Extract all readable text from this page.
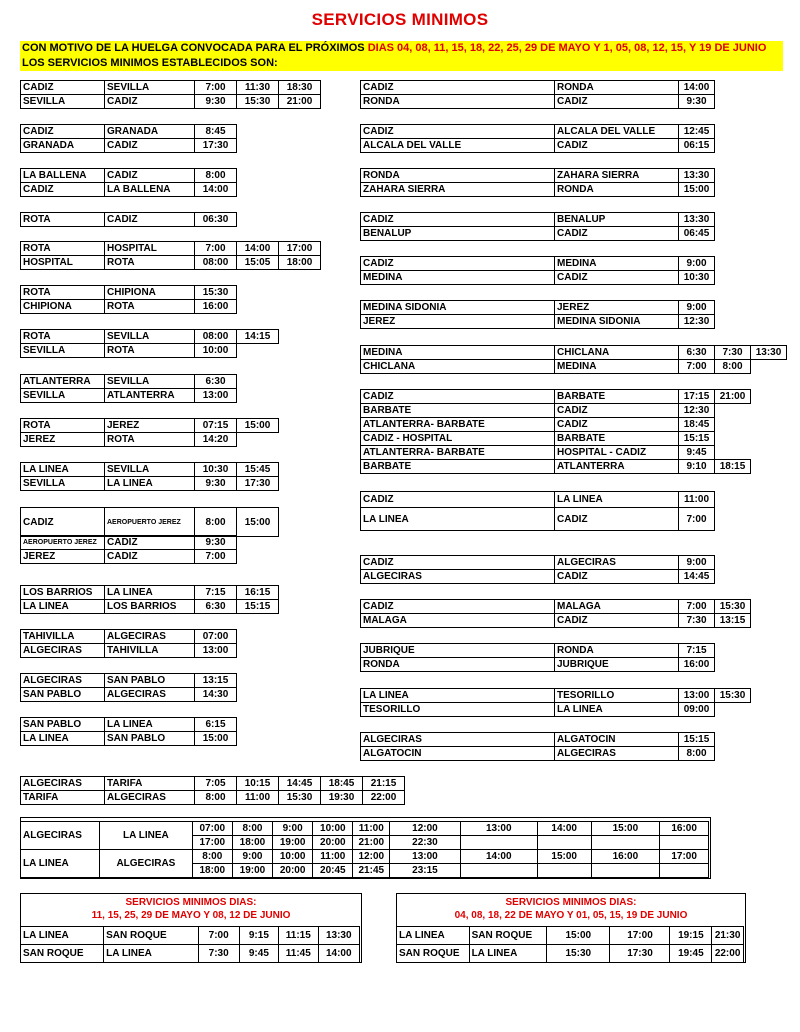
SERVICIOS MINIMOS
CON MOTIVO DE LA HUELGA CONVOCADA PARA EL PRÓXIMOS DIAS 04, 08, 11, 15, 18, 22, 25, 29 DE MAYO Y 1, 05, 08, 12, 15, Y 19 DE JUNIO LOS SERVICIOS MINIMOS ESTABLECIDOS SON:
CADIZ	SEVILLA	7:00	11:30	18:30
SEVILLA	CADIZ	9:30	15:30	21:00
CADIZ	GRANADA	8:45
GRANADA	CADIZ	17:30
LA BALLENA	CADIZ	8:00
CADIZ	LA BALLENA	14:00
ROTA	CADIZ	06:30
ROTA	HOSPITAL	7:00	14:00	17:00
HOSPITAL	ROTA	08:00	15:05	18:00
ROTA	CHIPIONA	15:30
CHIPIONA	ROTA	16:00
ROTA	SEVILLA	08:00	14:15
SEVILLA	ROTA	10:00	
ATLANTERRA	SEVILLA	6:30
SEVILLA	ATLANTERRA	13:00
ROTA	JEREZ	07:15	15:00
JEREZ	ROTA	14:20	
LA LINEA	SEVILLA	10:30	15:45
SEVILLA	LA LINEA	9:30	17:30
CADIZ	AEROPUERTO JEREZ	8:00	15:00
AEROPUERTO JEREZ	CADIZ	9:30
JEREZ	CADIZ	7:00
LOS BARRIOS	LA LINEA	7:15	16:15
LA LINEA	LOS BARRIOS	6:30	15:15
TAHIVILLA	ALGECIRAS	07:00
ALGECIRAS	TAHIVILLA	13:00
ALGECIRAS	SAN PABLO	13:15
SAN PABLO	ALGECIRAS	14:30
SAN PABLO	LA LINEA	6:15
LA LINEA	SAN PABLO	15:00
ALGECIRAS	TARIFA	7:05	10:15	14:45	18:45	21:15
TARIFA	ALGECIRAS	8:00	11:00	15:30	19:30	22:00
CADIZ	RONDA	14:00
RONDA	CADIZ	9:30
CADIZ	ALCALA DEL VALLE	12:45
ALCALA DEL VALLE	CADIZ	06:15
RONDA	ZAHARA SIERRA	13:30
ZAHARA SIERRA	RONDA	15:00
CADIZ	BENALUP	13:30
BENALUP	CADIZ	06:45
CADIZ	MEDINA	9:00
MEDINA	CADIZ	10:30
MEDINA SIDONIA	JEREZ	9:00
JEREZ	MEDINA SIDONIA	12:30
MEDINA	CHICLANA	6:30	7:30	13:30
CHICLANA	MEDINA	7:00	8:00	
CADIZ	BARBATE	17:15	21:00
BARBATE	CADIZ	12:30	
ATLANTERRA- BARBATE	CADIZ	18:45	
CADIZ - HOSPITAL	BARBATE	15:15	
ATLANTERRA- BARBATE	HOSPITAL - CADIZ	9:45	
BARBATE	ATLANTERRA	9:10	18:15
CADIZ	LA LINEA	11:00
LA LINEA	CADIZ	7:00
CADIZ	ALGECIRAS	9:00
ALGECIRAS	CADIZ	14:45
CADIZ	MALAGA	7:00	15:30
MALAGA	CADIZ	7:30	13:15
JUBRIQUE	RONDA	7:15
RONDA	JUBRIQUE	16:00
LA LINEA	TESORILLO	13:00	15:30
TESORILLO	LA LINEA	09:00	
ALGECIRAS	ALGATOCIN	15:15
ALGATOCIN	ALGECIRAS	8:00
ALGECIRAS	LA LINEA	07:00	8:00	9:00	10:00	11:00	12:00	13:00	14:00	15:00	16:00
		17:00	18:00	19:00	20:00	21:00	22:30				
LA LINEA	ALGECIRAS	8:00	9:00	10:00	11:00	12:00	13:00	14:00	15:00	16:00	17:00
		18:00	19:00	20:00	20:45	21:45	23:15				
SERVICIOS MINIMOS DIAS:
11, 15, 25, 29 DE MAYO Y 08, 12 DE JUNIO
LA LINEA	SAN ROQUE	7:00	9:15	11:15	13:30
SAN ROQUE	LA LINEA	7:30	9:45	11:45	14:00
SERVICIOS MINIMOS DIAS:
04, 08, 18, 22 DE MAYO Y 01, 05, 15, 19 DE JUNIO
LA LINEA	SAN ROQUE	15:00	17:00	19:15	21:30
SAN ROQUE	LA LINEA	15:30	17:30	19:45	22:00
